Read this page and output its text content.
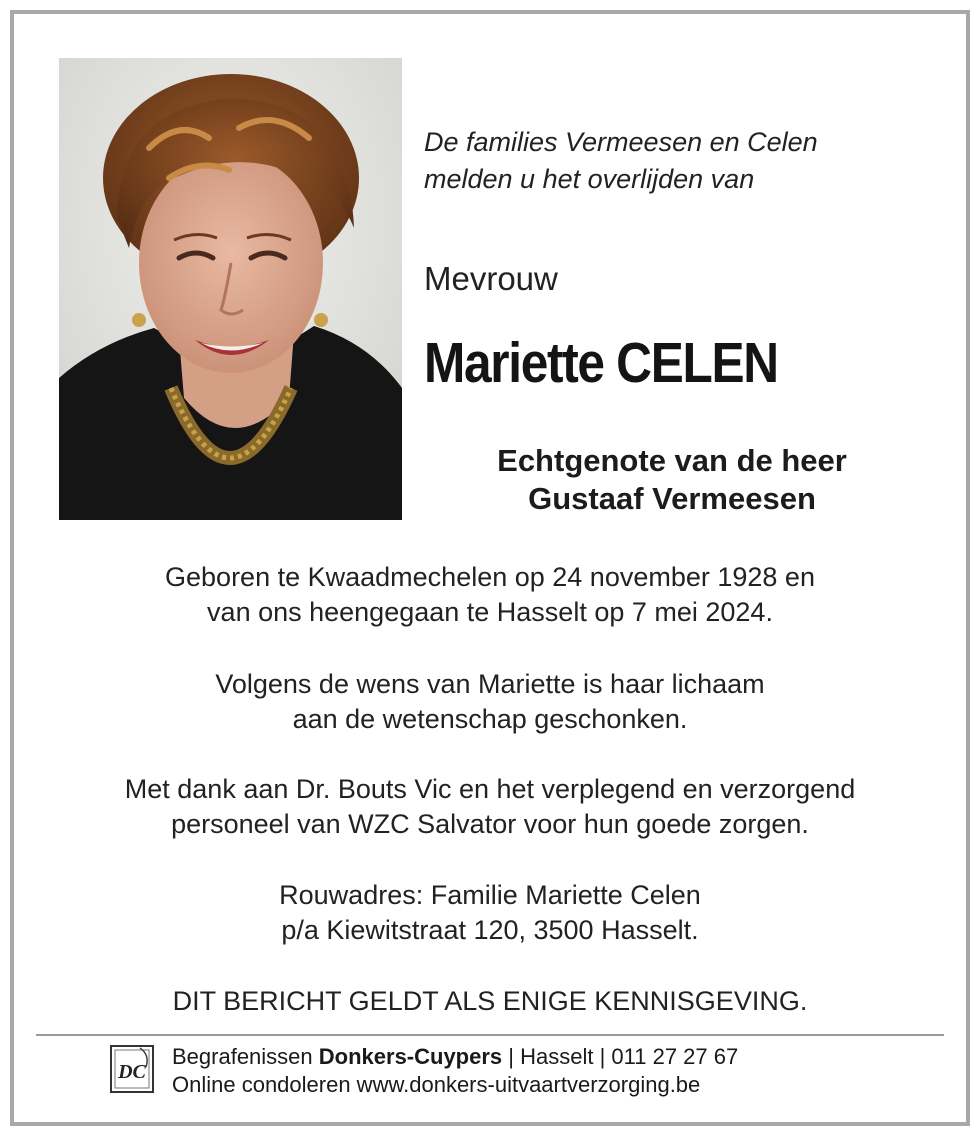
De families Vermeesen en Celen
melden u het overlijden van
Mevrouw
Mariette CELEN
Echtgenote van de heer
Gustaaf Vermeesen
Geboren te Kwaadmechelen op 24 november 1928 en
van ons heengegaan te Hasselt op 7 mei 2024.
Volgens de wens van Mariette is haar lichaam
aan de wetenschap geschonken.
Met dank aan Dr. Bouts Vic en het verplegend en verzorgend
personeel van WZC Salvator voor hun goede zorgen.
Rouwadres: Familie Mariette Celen
p/a Kiewitstraat 120, 3500 Hasselt.
DIT BERICHT GELDT ALS ENIGE KENNISGEVING.
DC
Begrafenissen Donkers-Cuypers | Hasselt | 011 27 27 67
Online condoleren www.donkers-uitvaartverzorging.be
